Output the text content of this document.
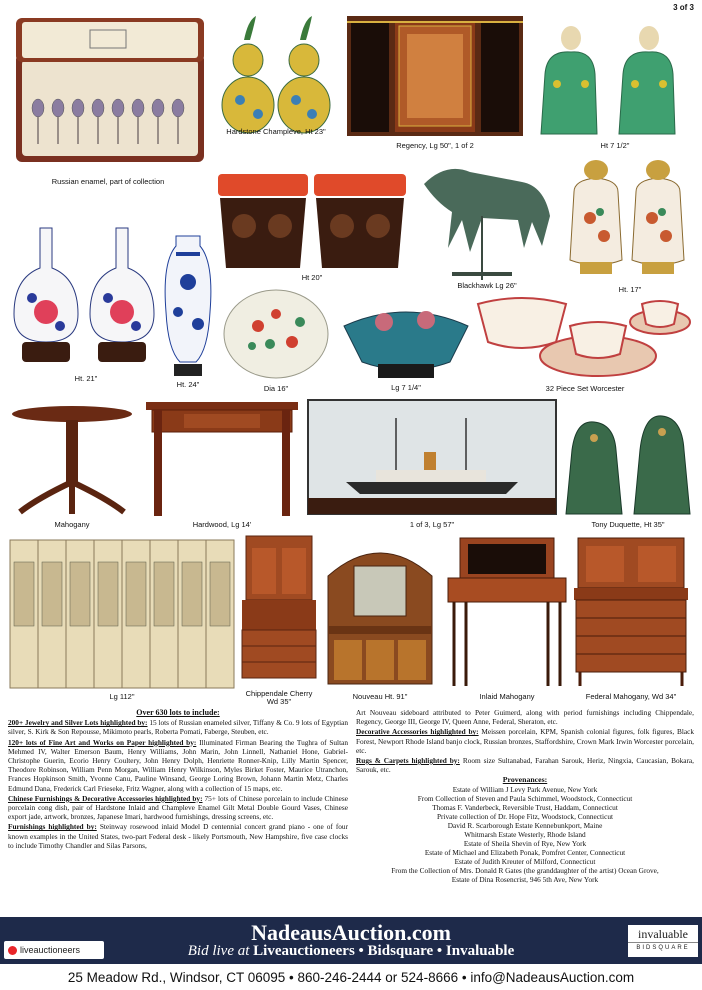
3 of 3
Russian enamel, part of collection
Hardstone Champleve, Ht 23"
Regency, Lg 50", 1 of 2	Ht 7 1/2"
Ht 20"
Blackhawk Lg 26"	Ht. 17"
Ht. 21"
Ht. 24"	Dia 16"	Lg 7 1/4"	32 Piece Set Worcester
Mahogany	Hardwood, Lg 14'	1 of 3, Lg 57"	Tony Duquette, Ht 35"
Lg 112"	Chippendale Cherry
Wd 35"
Nouveau Ht. 91"	Inlaid Mahogany	Federal Mahogany, Wd 34"
Over 630 lots to include:

200+ Jewelry and Silver Lots highlighted by: 15 lots of Russian enameled silver, Tiffany & Co. 9 lots of Egyptian silver, S. Kirk & Son Repousse, Mikimoto pearls, Roberta Pomati, Faberge, Steuben, etc.

120+ lots of Fine Art and Works on Paper highlighted by: Illuminated Firman Bearing the Tughra of Sultan Mehmed IV, Walter Emerson Baum, Henry Williams, John Marin, John Linnell, Nathaniel Hone, Gabriel-Christophe Guerin, Ecorio Henry Coultery, John Henry Dolph, Henriette Ronner-Knip, Lilly Martin Spencer, Theodore Robinson, William Penn Morgan, William Henry Wilkinson, Myles Birket Foster, Maurice Utranchon, Frances Hopkinson Smith, Yvonne Canu, Pauline Winsand, George Loring Brown, Johann Martin Metz, Charles Edmund Dana, Frederick Carl Frieseke, Fritz Wagner, along with a collection of 15 maps, etc.

Chinese Furnishings & Decorative Accessories highlighted by: 75+ lots of Chinese porcelain to include Chinese porcelain cong dish, pair of Hardstone Inlaid and Champleve Enamel Gilt Metal Double Gourd Vases, Chinese export jade, artwork, bronzes, Japanese Imari, hardwood furnishings, dressing screens, etc.

Furnishings highlighted by: Steinway rosewood inlaid Model D centennial concert grand piano - one of four known examples in the United States, two-part Federal desk - likely Portsmouth, New Hampshire, five case clocks to include Timothy Chandler and Silas Parsons,

Art Nouveau sideboard attributed to Peter Guimerd, along with period furnishings including Chippendale, Regency, George III, George IV, Queen Anne, Federal, Sheraton, etc.

Decorative Accessories highlighted by: Meissen porcelain, KPM, Spanish colonial figures, folk figures, Black Forest, Newport Rhode Island banjo clock, Russian bronzes, Staffordshire, Crown Mark Irwin Worcester porcelain, etc.

Rugs & Carpets highlighted by: Room size Sultanabad, Farahan Sarouk, Heriz, Ningxia, Caucasian, Bokara, Sarouk, etc.

Provenances:
Estate of William J Levy Park Avenue, New York
From Collection of Steven and Paula Schimmel, Woodstock, Connecticut
Thomas F. Vanderbeck, Reversible Trust, Haddam, Connecticut
Private collection of Dr. Hope Fitz, Woodstock, Connecticut
David R. Scarborough Estate Kennebunkport, Maine
Whitmarsh Estate Westerly, Rhode Island
Estate of Sheila Shevin of Rye, New York
Estate of Michael and Elizabeth Ponak, Pomfret Center, Connecticut
Estate of Judith Kreuter of Milford, Connecticut
From the Collection of Mrs. Donald R Gates (the granddaughter of the artist) Ocean Grove,
Estate of Dina Rosencrist, 946 5th Ave, New York
NadeausAuction.com
Bid live at Liveauctioneers • Bidsquare • Invaluable
liveauctioneers
invaluable
BIDSQUARE
25 Meadow Rd., Windsor, CT 06095 • 860-246-2444 or 524-8666 • info@NadeausAuction.com
